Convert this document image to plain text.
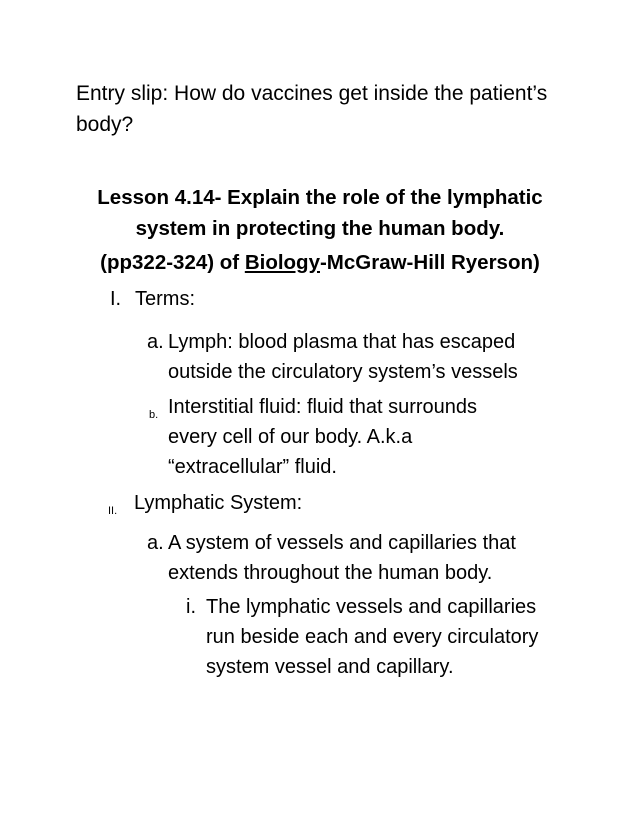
Entry slip: How do vaccines get inside the patient’s
body?
Lesson 4.14- Explain the role of the lymphatic
system in protecting the human body.
(pp322-324) of Biology-McGraw-Hill Ryerson)
I. Terms:
a. Lymph: blood plasma that has escaped
outside the circulatory system’s vessels
b. Interstitial fluid: fluid that surrounds
every cell of our body. A.k.a
“extracellular” fluid.
II. Lymphatic System:
a. A system of vessels and capillaries that
extends throughout the human body.
i. The lymphatic vessels and capillaries
run beside each and every circulatory
system vessel and capillary.
